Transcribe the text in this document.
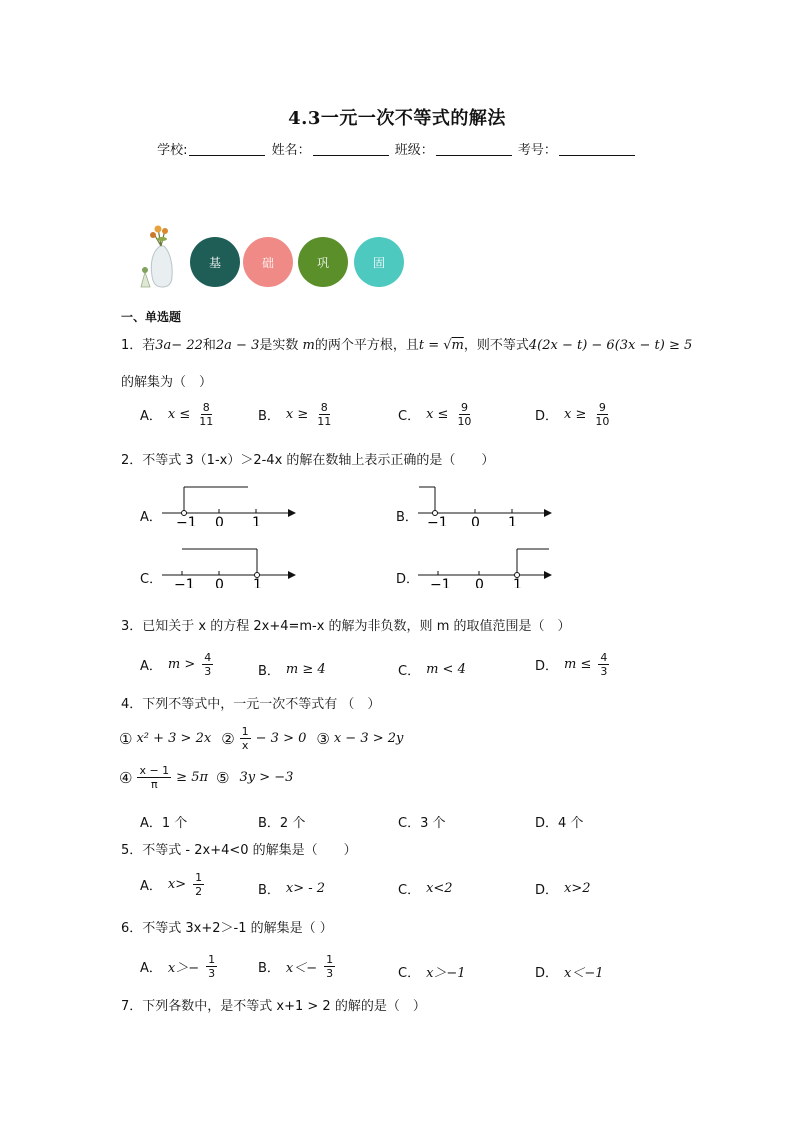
4.3一元一次不等式的解法
学校:	姓名：	班级：	考号：
基	础	巩	固
一、单选题
1．若3a− 22和2a − 3是实数 m的两个平方根，且t = √m，则不等式4(2x − t) − 6(3x − t) ≥ 5
的解集为（　）
A． $x \le \frac{8}{11}$	B． $x \ge \frac{8}{11}$	C． $x \le \frac{9}{10}$	D． $x \ge \frac{9}{10}$
2．不等式 3（1-x）＞2-4x 的解在数轴上表示正确的是（　　）
A． −1 0 1	B． −1 0 1
C． −1 0 1	D． −1 0 1
3．已知关于 x 的方程 2x+4=m-x 的解为非负数，则 m 的取值范围是（　）
A． $m > \frac{4}{3}$	B． m ≥ 4	C． m < 4	D． $m \le \frac{4}{3}$
4．下列不等式中，一元一次不等式有 （　）
① x² + 3 > 2x ② $\frac{1}{x} - 3 > 0$ ③ x − 3 > 2y
④ $\frac{x - 1}{\pi} \ge 5\pi$ ⑤ 3y > −3
A．1 个	B．2 个	C．3 个	D．4 个
5．不等式 - 2x+4<0 的解集是（　　）
A． $x> \frac{1}{2}$	B． x> - 2	C． x<2	D． x>2
6．不等式 3x+2＞-1 的解集是（ ）
A． $x>- \frac{1}{3}$	B． $x<- \frac{1}{3}$	C． x＞−1	D． x＜−1
7．下列各数中，是不等式 x+1 > 2 的解的是（　）
